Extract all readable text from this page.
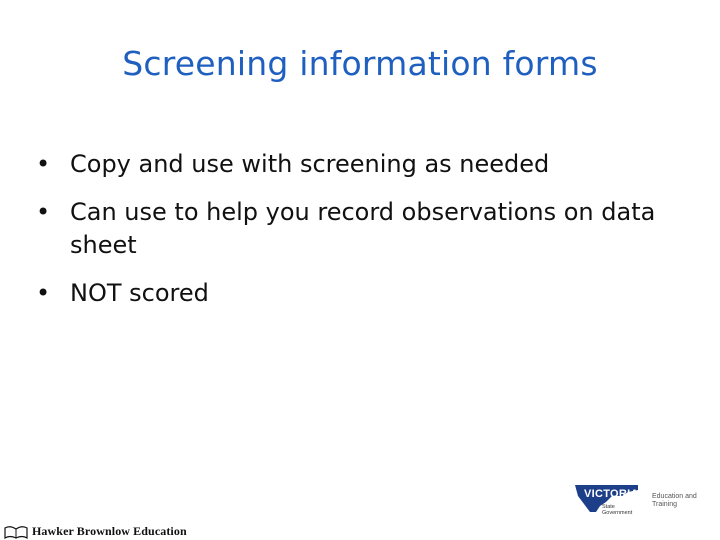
Screening information forms
• Copy and use with screening as needed
• Can use to help you record observations on data sheet
• NOT scored
Hawker Brownlow Education
VICTORIA
State Government
Education and Training
